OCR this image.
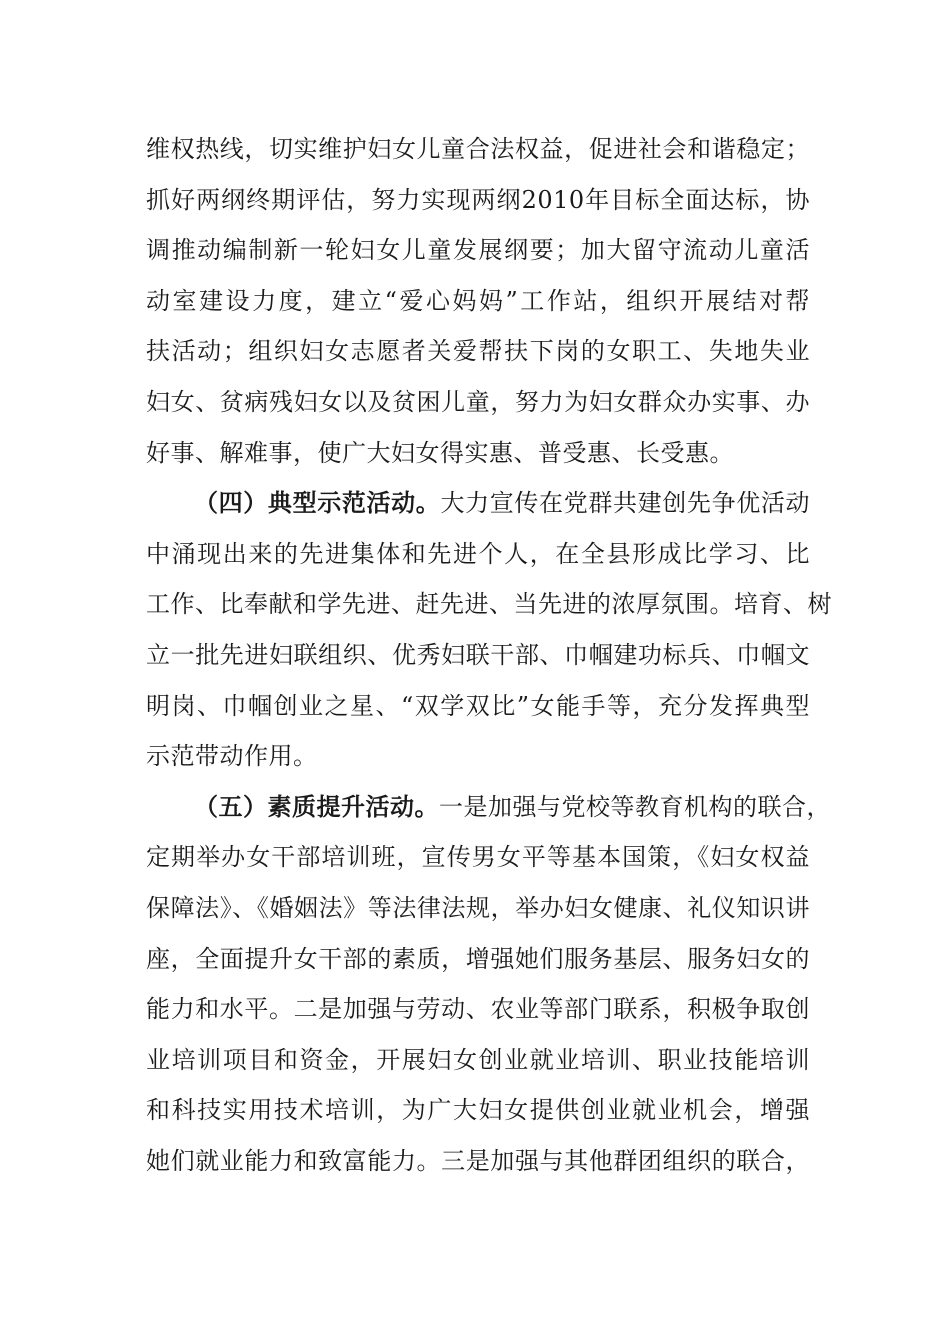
维权热线，切实维护妇女儿童合法权益，促进社会和谐稳定；
抓好两纲终期评估，努力实现两纲2010年目标全面达标，协
调推动编制新一轮妇女儿童发展纲要；加大留守流动儿童活
动室建设力度，建立“爱心妈妈”工作站，组织开展结对帮
扶活动；组织妇女志愿者关爱帮扶下岗的女职工、失地失业
妇女、贫病残妇女以及贫困儿童，努力为妇女群众办实事、办
好事、解难事，使广大妇女得实惠、普受惠、长受惠。
（四）典型示范活动。大力宣传在党群共建创先争优活动
中涌现出来的先进集体和先进个人，在全县形成比学习、比
工作、比奉献和学先进、赶先进、当先进的浓厚氛围。培育、树
立一批先进妇联组织、优秀妇联干部、巾帼建功标兵、巾帼文
明岗、巾帼创业之星、“双学双比”女能手等，充分发挥典型
示范带动作用。
（五）素质提升活动。一是加强与党校等教育机构的联合，
定期举办女干部培训班，宣传男女平等基本国策，《妇女权益
保障法》、《婚姻法》等法律法规，举办妇女健康、礼仪知识讲
座，全面提升女干部的素质，增强她们服务基层、服务妇女的
能力和水平。二是加强与劳动、农业等部门联系，积极争取创
业培训项目和资金，开展妇女创业就业培训、职业技能培训
和科技实用技术培训，为广大妇女提供创业就业机会，增强
她们就业能力和致富能力。三是加强与其他群团组织的联合，
